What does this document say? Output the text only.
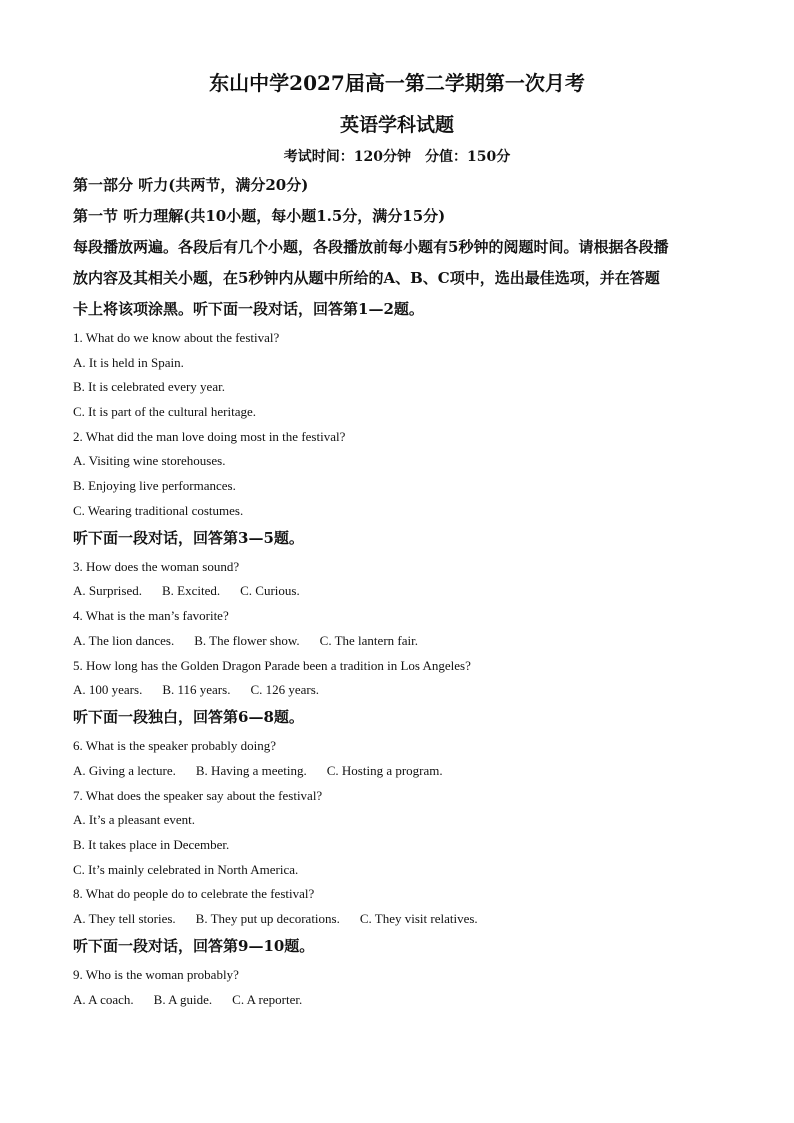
东山中学2027届高一第二学期第一次月考
英语学科试题
考试时间：120分钟　分值：150分
第一部分 听力(共两节，满分20分)
第一节 听力理解(共10小题，每小题1.5分，满分15分)
每段播放两遍。各段后有几个小题，各段播放前每小题有5秒钟的阅题时间。请根据各段播
放内容及其相关小题，在5秒钟内从题中所给的A、B、C项中，选出最佳选项，并在答题
卡上将该项涂黑。听下面一段对话，回答第1—2题。
1. What do we know about the festival?
A. It is held in Spain.
B. It is celebrated every year.
C. It is part of the cultural heritage.
2. What did the man love doing most in the festival?
A. Visiting wine storehouses.
B. Enjoying live performances.
C. Wearing traditional costumes.
听下面一段对话，回答第3—5题。
3. How does the woman sound?
A. Surprised. B. Excited. C. Curious.
4. What is the man’s favorite?
A. The lion dances. B. The flower show. C. The lantern fair.
5. How long has the Golden Dragon Parade been a tradition in Los Angeles?
A. 100 years. B. 116 years. C. 126 years.
听下面一段独白，回答第6—8题。
6. What is the speaker probably doing?
A. Giving a lecture. B. Having a meeting. C. Hosting a program.
7. What does the speaker say about the festival?
A. It’s a pleasant event.
B. It takes place in December.
C. It’s mainly celebrated in North America.
8. What do people do to celebrate the festival?
A. They tell stories. B. They put up decorations. C. They visit relatives.
听下面一段对话，回答第9—10题。
9. Who is the woman probably?
A. A coach. B. A guide. C. A reporter.
